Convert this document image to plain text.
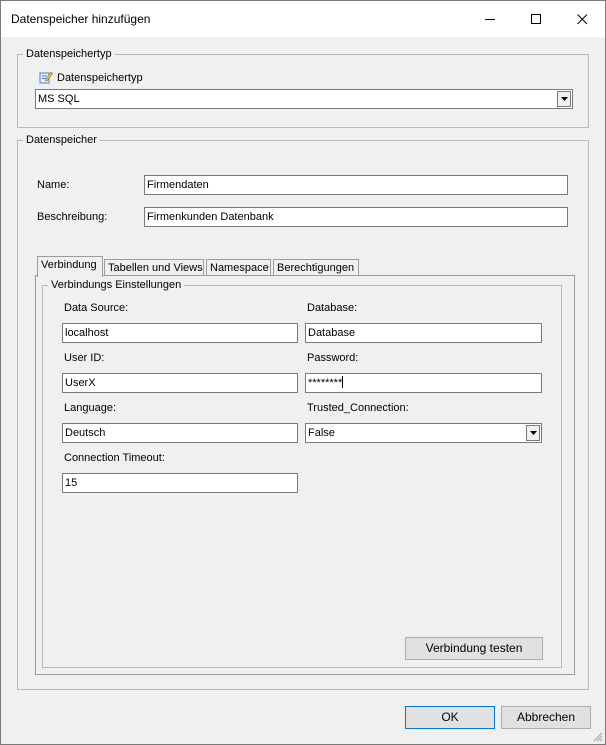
Datenspeicher hinzufügen
Datenspeichertyp
Datenspeichertyp
MS SQL
Datenspeicher
Name:	Firmendaten
Beschreibung:	Firmenkunden Datenbank
Verbindung	Tabellen und Views Namespace Berechtigungen
Verbindungs Einstellungen
Data Source:
localhost
Database:
Database
User ID:
UserX
Password:
********
Language:
Deutsch
Trusted_Connection:
False
Connection Timeout:
15
Verbindung testen
OK	Abbrechen
